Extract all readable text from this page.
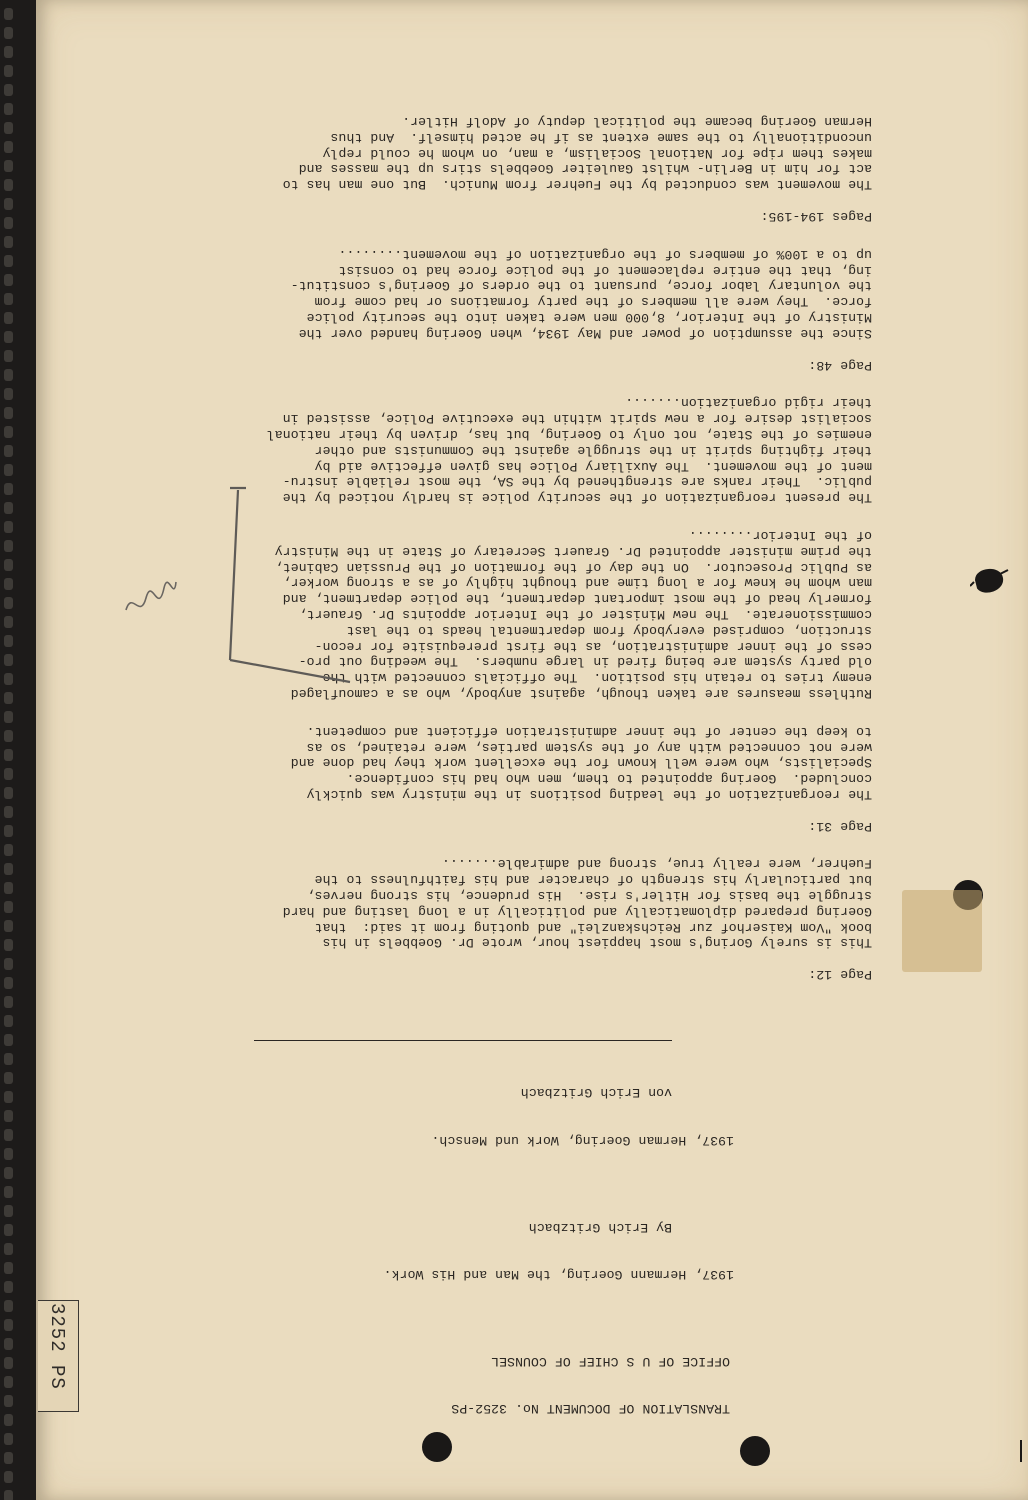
TRANSLATION OF DOCUMENT No. 3252-PS

OFFICE OF U S CHIEF OF COUNSEL

1937, Hermann Goering, the Man and His Work.

By Erich Gritzbach

1937, Herman Goering, Work und Mensch.

von Erich Gritzbach

Page 12:
This is surely Goring's most happiest hour, wrote Dr. Goebbels in his
book "Vom Kaiserhof zur Reichskanzlei" and quoting from it said:  that
Goering prepared diplomatically and politically in a long lasting and hard
struggle the basis for Hitler's rise.  His prudence, his strong nerves,
but particularly his strength of character and his faithfulness to the
Fuehrer, were really true, strong and admirable.......
Page 31:
The reorganization of the leading positions in the ministry was quickly
concluded.  Goering appointed to them, men who had his confidence.
Specialists, who were well known for the excellent work they had done and
were not connected with any of the system parties, were retained, so as
to keep the center of the inner administration efficient and competent.
Ruthless measures are taken though, against anybody, who as a camouflaged
enemy tries to retain his position.  The officials connected with the
old party system are being fired in large numbers.  The weeding out pro-
cess of the inner administration, as the first prerequisite for recon-
struction, comprised everybody from departmental heads to the last
commissionerate.  The new Minister of the Interior appoints Dr. Grauert,
formerly head of the most important department, the police department, and
man whom he knew for a long time and thought highly of as a strong worker,
as Public Prosecutor.  On the day of the formation of the Prussian Cabinet,
the prime minister appointed Dr. Grauert Secretary of State in the Ministry
of the Interior........
The present reorganization of the security police is hardly noticed by the
public.  Their ranks are strengthened by the SA, the most reliable instru-
ment of the movement.  The Auxiliary Police has given effective aid by
their fighting spirit in the struggle against the Communists and other
enemies of the State, not only to Goering, but has, driven by their national
socialist desire for a new spirit within the executive Police, assisted in
their rigid organization.......
Page 48:
Since the assumption of power and May 1934, when Goering handed over the
Ministry of the Interior, 8,000 men were taken into the security police
force.  They were all members of the party formations or had come from
the voluntary labor force, pursuant to the orders of Goering's constitut-
ing, that the entire replacement of the police force had to consist
up to a 100% of members of the organization of the movement........
Pages 194-195:
The movement was conducted by the Fuehrer from Munich.  But one man has to
act for him in Berlin- whilst Gauleiter Goebbels stirs up the masses and
makes them ripe for National Socialism, a man, on whom he could reply
unconditionally to the same extent as if he acted himself.  And thus
Herman Goering became the political deputy of Adolf Hitler.

3252 PS
